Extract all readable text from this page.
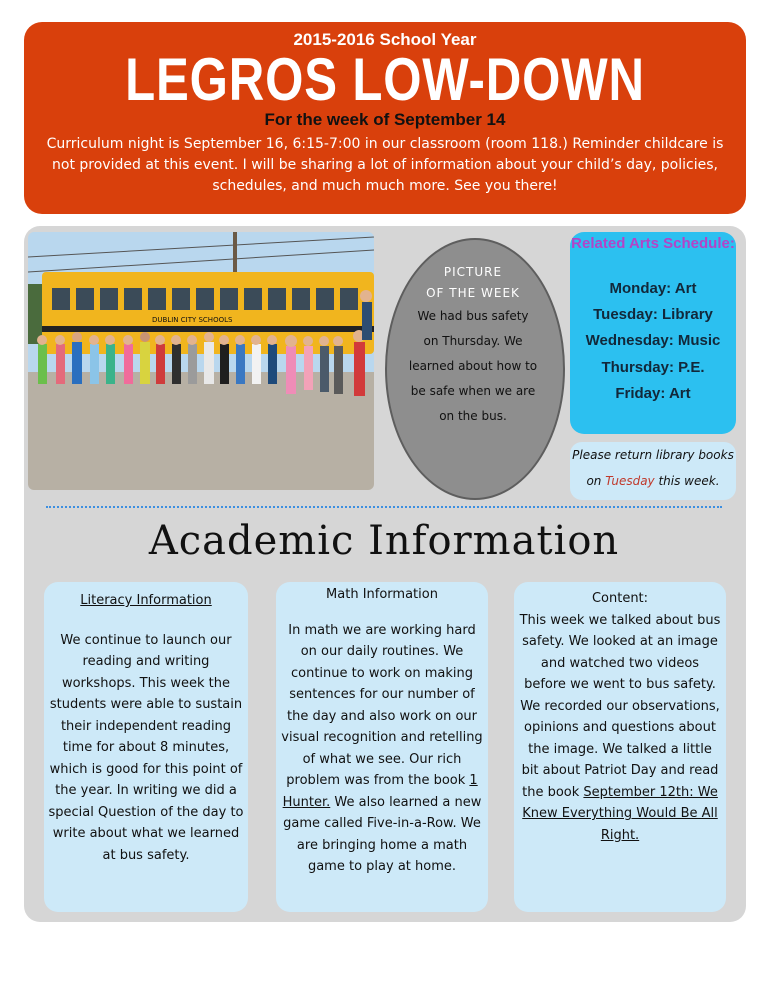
2015-2016 School Year
LEGROS LOW-DOWN
For the week of September 14
Curriculum night is September 16, 6:15-7:00 in our classroom (room 118.) Reminder childcare is not provided at this event. I will be sharing a lot of information about your child’s day, policies, schedules, and much much more. See you there!
DUBLIN CITY SCHOOLS
PICTURE
OF THE WEEK
We had bus safety
on Thursday. We
learned about how to
be safe when we are
on the bus.
Related Arts Schedule:
Monday: Art
Tuesday: Library
Wednesday: Music
Thursday: P.E.
Friday: Art
Please return library books
on Tuesday this week.
Academic Information
Literacy Information
We continue to launch our reading and writing workshops. This week the students were able to sustain their independent reading time for about 8 minutes, which is good for this point of the year. In writing we did a special Question of the day to write about what we learned at bus safety.
Math Information
In math we are working hard on our daily routines. We continue to work on making sentences for our number of the day and also work on our visual recognition and retelling of what we see. Our rich problem was from the book 1 Hunter. We also learned a new game called Five-in-a-Row. We are bringing home a math game to play at home.
Content:
This week we talked about bus safety. We looked at an image and watched two videos before we went to bus safety. We recorded our observations, opinions and questions about the image. We talked a little bit about Patriot Day and read the book September 12th: We Knew Everything Would Be All Right.
